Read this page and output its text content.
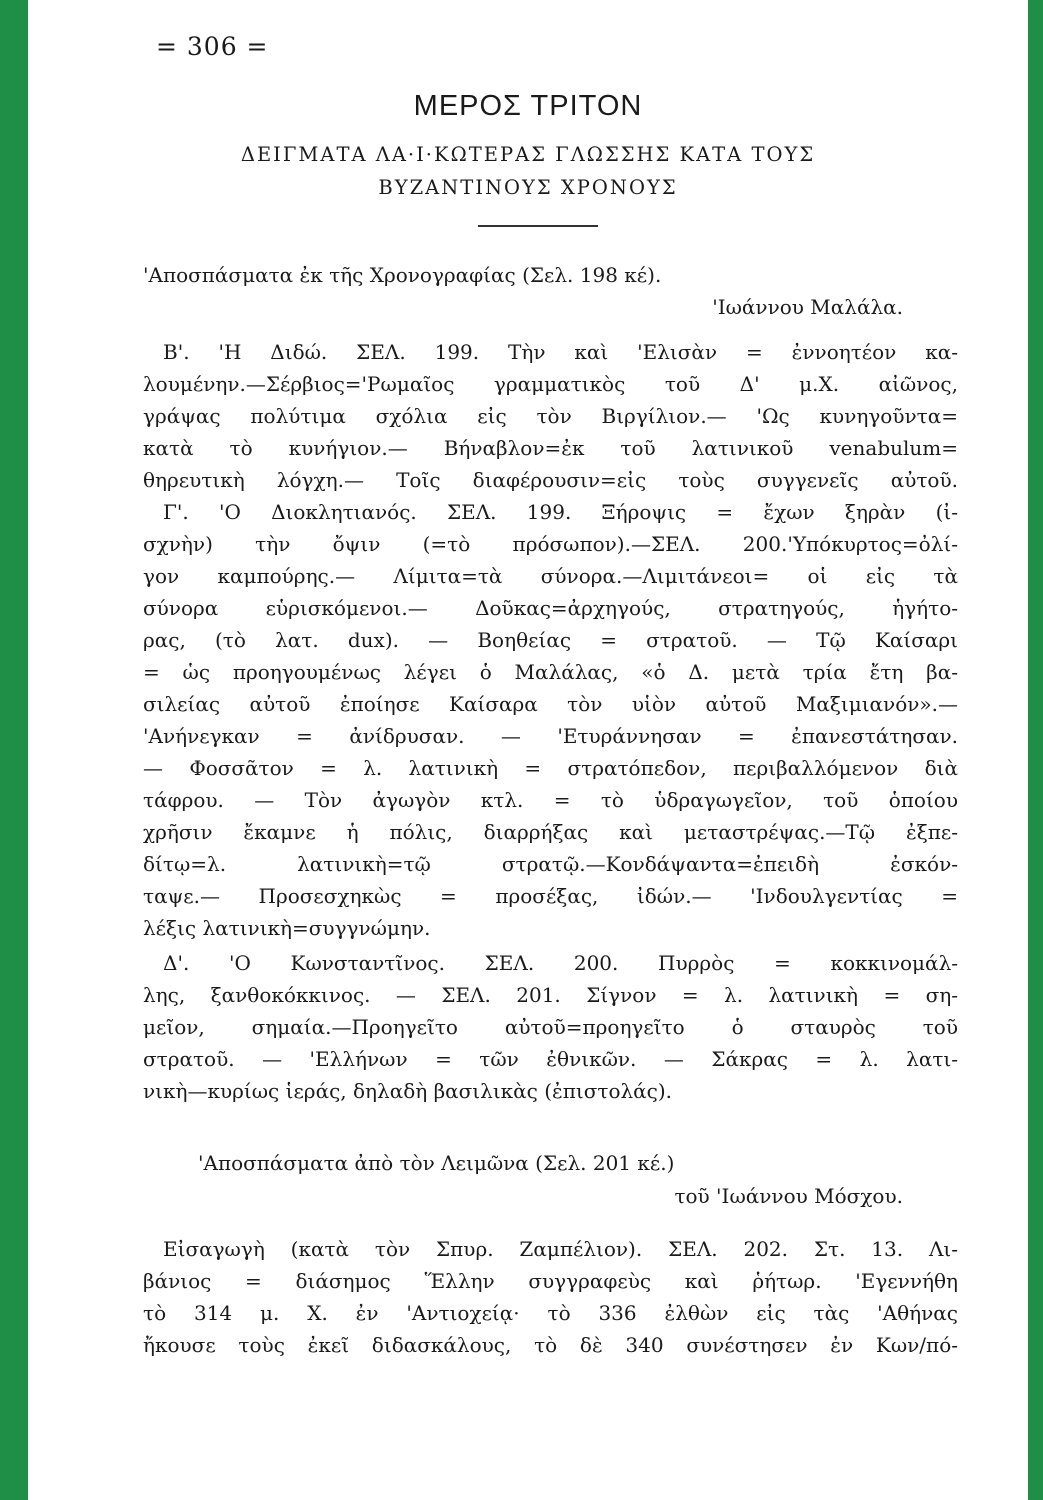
= 306 =
ΜΕΡΟΣ ΤΡΙΤΟΝ
ΔΕΙΓΜΑΤΑ ΛΑ·Ι·ΚΩΤΕΡΑΣ ΓΛΩΣΣΗΣ ΚΑΤΑ ΤΟΥΣ
ΒΥΖΑΝΤΙΝΟΥΣ ΧΡΟΝΟΥΣ
'Αποσπάσματα ἐκ τῆς Χρονογραφίας (Σελ. 198 κέ).
'Ιωάννου Μαλάλα.
Β'. 'Η Διδώ. ΣΕΛ. 199. Τὴν καὶ 'Ελισὰν = ἐννοητέον κα-
λουμένην.—Σέρβιος='Ρωμαῖος γραμματικὸς τοῦ Δ' μ.Χ. αἰῶνος,
γράψας πολύτιμα σχόλια εἰς τὸν Βιργίλιον.— 'Ως κυνηγοῦντα=
κατὰ τὸ κυνήγιον.— Βήναβλον=ἐκ τοῦ λατινικοῦ venabulum=
θηρευτικὴ λόγχη.— Τοῖς διαφέρουσιν=εἰς τοὺς συγγενεῖς αὐτοῦ.
Γ'. 'Ο Διοκλητιανός. ΣΕΛ. 199. Ξήροψις = ἔχων ξηρὰν (ἰ-
σχνὴν) τὴν ὄψιν (=τὸ πρόσωπον).—ΣΕΛ. 200.'Υπόκυρτος=ὀλί-
γον καμπούρης.— Λίμιτα=τὰ σύνορα.—Λιμιτάνεοι= οἱ εἰς τὰ
σύνορα εὑρισκόμενοι.— Δοῦκας=ἀρχηγούς, στρατηγούς, ἡγήτο-
ρας, (τὸ λατ. dux). — Βοηθείας = στρατοῦ. — Τῷ Καίσαρι
= ὡς προηγουμένως λέγει ὁ Μαλάλας, «ὁ Δ. μετὰ τρία ἔτη βα-
σιλείας αὐτοῦ ἐποίησε Καίσαρα τὸν υἱὸν αὐτοῦ Μαξιμιανόν».—
'Ανήνεγκαν = ἀνίδρυσαν. — 'Ετυράννησαν = ἐπανεστάτησαν.
— Φοσσᾶτον = λ. λατινικὴ = στρατόπεδον, περιβαλλόμενον διὰ
τάφρου. — Τὸν ἀγωγὸν κτλ. = τὸ ὑδραγωγεῖον, τοῦ ὁποίου
χρῆσιν ἔκαμνε ἡ πόλις, διαρρήξας καὶ μεταστρέψας.—Τῷ ἐξπε-
δίτῳ=λ. λατινικὴ=τῷ στρατῷ.—Κονδάψαντα=ἐπειδὴ ἐσκόν-
ταψε.— Προσεσχηκὼς = προσέξας, ἰδών.— 'Ινδουλγεντίας =
λέξις λατινικὴ=συγγνώμην.
Δ'. 'Ο Κωνσταντῖνος. ΣΕΛ. 200. Πυρρὸς = κοκκινομάλ-
λης, ξανθοκόκκινος. — ΣΕΛ. 201. Σίγνον = λ. λατινικὴ = ση-
μεῖον, σημαία.—Προηγεῖτο αὐτοῦ=προηγεῖτο ὁ σταυρὸς τοῦ
στρατοῦ. — 'Ελλήνων = τῶν ἐθνικῶν. — Σάκρας = λ. λατι-
νικὴ—κυρίως ἱεράς, δηλαδὴ βασιλικὰς (ἐπιστολάς).
'Αποσπάσματα ἀπὸ τὸν Λειμῶνα (Σελ. 201 κέ.)
τοῦ 'Ιωάννου Μόσχου.
Εἰσαγωγὴ (κατὰ τὸν Σπυρ. Ζαμπέλιον). ΣΕΛ. 202. Στ. 13. Λι-
βάνιος = διάσημος Ἕλλην συγγραφεὺς καὶ ῥήτωρ. 'Εγεννήθη
τὸ 314 μ. Χ. ἐν 'Αντιοχείᾳ· τὸ 336 ἐλθὼν εἰς τὰς 'Αθήνας
ἤκουσε τοὺς ἐκεῖ διδασκάλους, τὸ δὲ 340 συνέστησεν ἐν Κων/πό-
